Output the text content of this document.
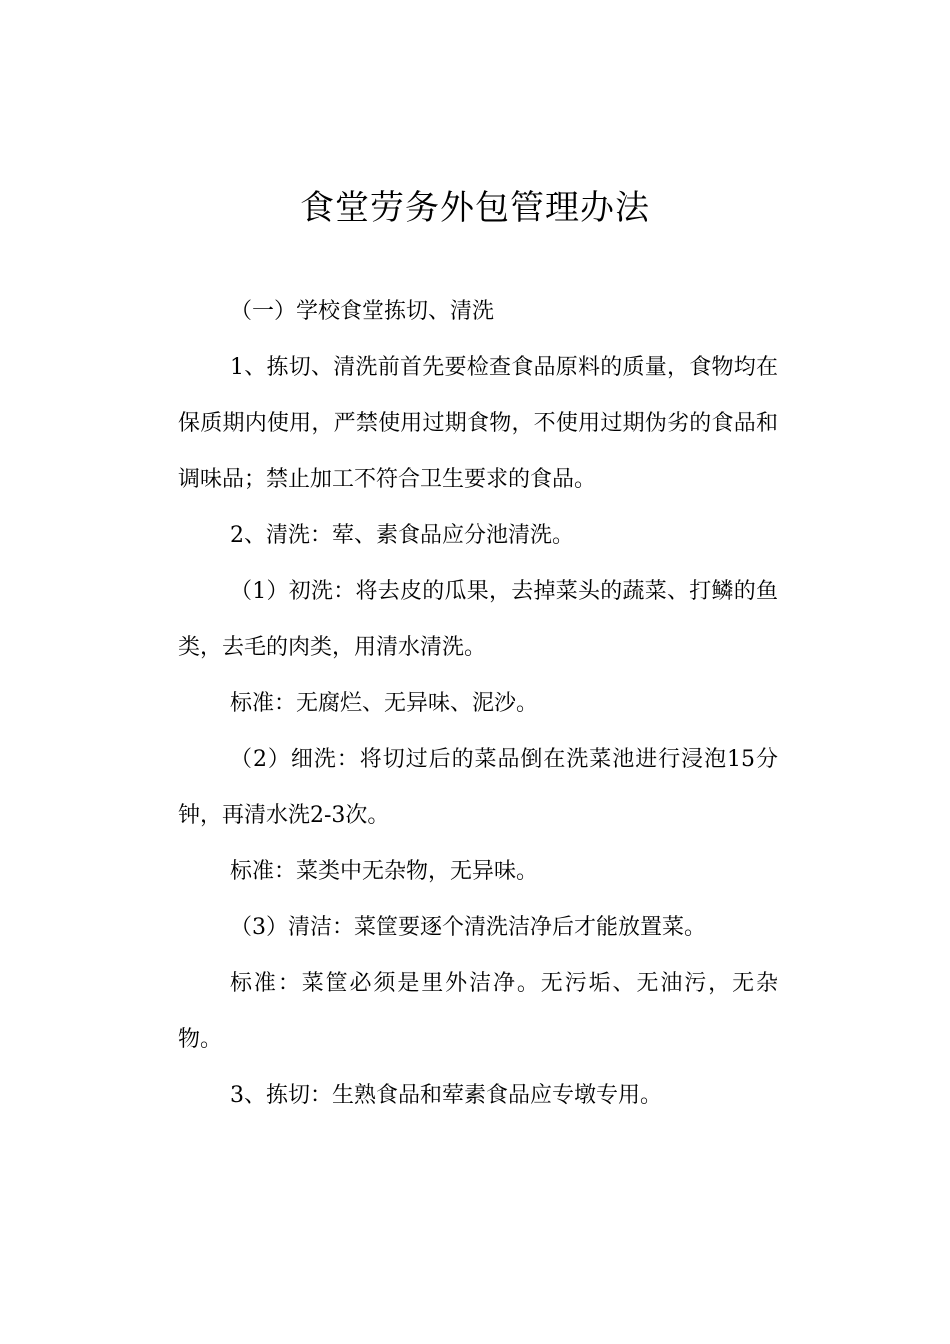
食堂劳务外包管理办法

（一）学校食堂拣切、清洗

1、拣切、清洗前首先要检查食品原料的质量，食物均在保质期内使用，严禁使用过期食物，不使用过期伪劣的食品和调味品；禁止加工不符合卫生要求的食品。

2、清洗：荤、素食品应分池清洗。

（1）初洗：将去皮的瓜果，去掉菜头的蔬菜、打鳞的鱼类，去毛的肉类，用清水清洗。

标准：无腐烂、无异味、泥沙。

（2）细洗：将切过后的菜品倒在洗菜池进行浸泡15分钟，再清水洗2-3次。

标准：菜类中无杂物，无异味。

（3）清洁：菜筐要逐个清洗洁净后才能放置菜。

标准：菜筐必须是里外洁净。无污垢、无油污，无杂物。

3、拣切：生熟食品和荤素食品应专墩专用。
